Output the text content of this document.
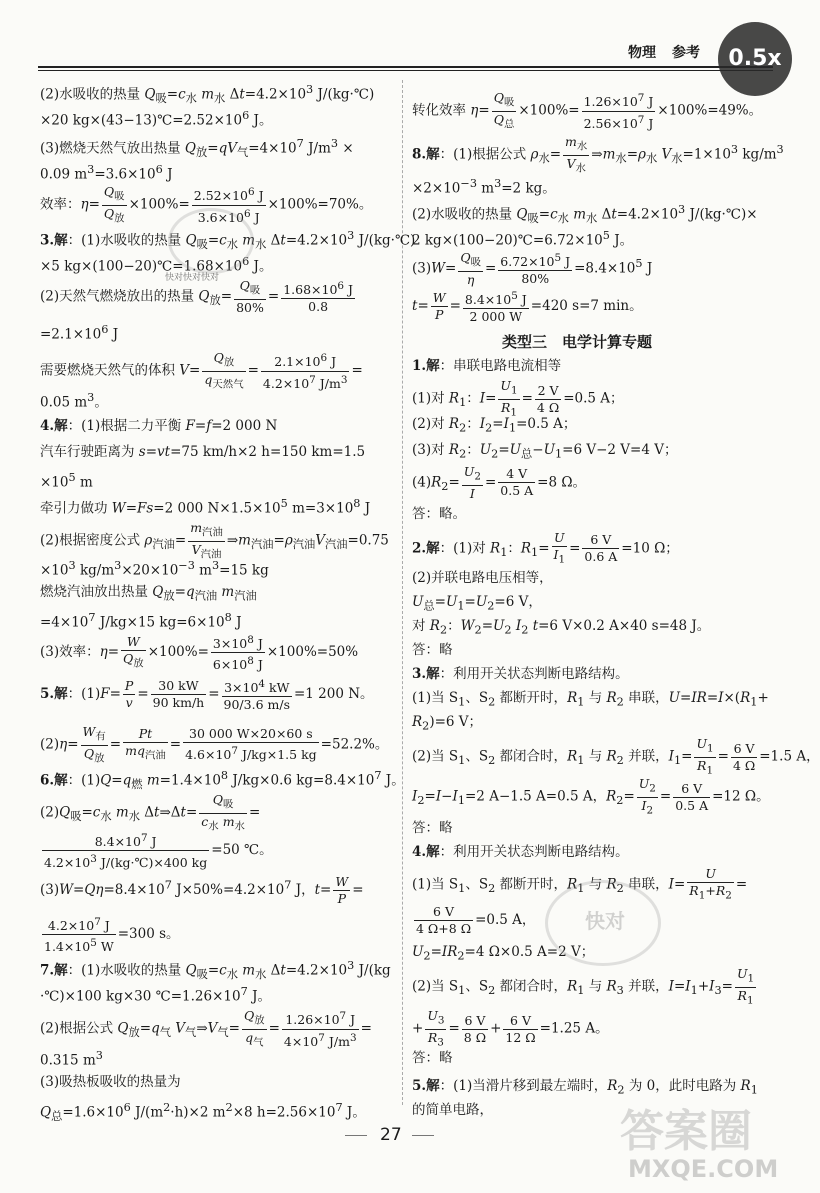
物理 参考	0.5x
(2)水吸收的热量 $Q_吸=c_水$ $m_水$ $\Delta t=4.2\times 10^3$ J/(kg·℃)
×20 $kg\times(43-13)℃=2.52\times 10^6$ J。
(3)燃烧天然气放出热量 $Q_放=qV_气=4\times 10^7$ $J/m^3$ ×
0.09 $m^3=3.6\times 10^6$ J
效率：$\eta= \frac{Q_吸}{Q_放} \times 100\%= \frac{2.52\times 10^6 J}{3.6\times 10^6 J} \times 100\%=70\%$。
3.解：(1)水吸收的热量 $Q_吸=c_水$ $m_水$ $\Delta t=4.2\times 10^3$ J/(kg·℃)
×5 $kg\times(100-20)℃=1.68\times 10^6$ J。
(2)天然气燃烧放出的热量 $Q_放= \frac{Q_吸}{80\%} = \frac{1.68\times 10^6 J}{0.8}$
$=2.1\times 10^6$ J
需要燃烧天然气的体积 $V= \frac{Q_放}{q_{天然气}} = \frac{2.1\times 10^6 J}{4.2\times 10^7 J/m^3}$ =
0.05 $m^3$。
4.解：(1)根据二力平衡 F=f=2 000 N
汽车行驶距离为 s=vt=75 km/h×2 h=150 km=1.5
$\times 10^5$ m
牵引力做功 W=Fs=2 000 $N\times 1.5\times 10^5$ $m=3\times 10^8$ J
(2)根据密度公式 $\rho_{汽油}= \frac{m_{汽油}}{V_{汽油}}$ $\Rightarrow m_{汽油}=\rho_{汽油}V_{汽油}=0.75$
$\times 10^3$ $kg/m^3\times 20\times 10^{-3}$ $m^3=15$ kg
燃烧汽油放出热量 $Q_放=q_{汽油}$ $m_{汽油}$
$=4\times 10^7$ J/kg×15 $kg=6\times 10^8$ J
(3)效率：$\eta= \frac{W}{Q_放} \times 100\%= \frac{3\times 10^8 J}{6\times 10^8 J} \times 100\%=50\%$
5.解：$(1)F= \frac{P}{v} = \frac{30 kW}{90 km/h} = \frac{3\times 10^4 kW}{90/3.6 m/s} =1$ 200 N。
$(2)\eta= \frac{W_有}{Q_放} = \frac{Pt}{mq_{汽油}} = \frac{30 000 W\times 20\times 60 s}{4.6\times 10^7 J/kg\times 1.5 kg} =52.2\%$。
6.解：$(1)Q=q_燃$ $m=1.4\times 10^8$ J/kg×0.6 $kg=8.4\times 10^7$ J。
$(2)Q_吸=c_水$ $m_水$ Δt⇒Δt= $\frac{Q_吸}{c_水 m_水}$ =
$\frac{8.4\times 10^7 J}{4.2\times 10^3 J/(kg\cdot℃)\times 400 kg} =50$ ℃。
$(3)W=Q\eta=8.4\times 10^7$ $J\times 50\%=4.2\times 10^7$ J，$t= \frac{W}{P}$ =
$\frac{4.2\times 10^7 J}{1.4\times 10^5 W} =300$ s。
7.解：(1)水吸收的热量 $Q_吸=c_水$ $m_水$ $\Delta t=4.2\times 10^3$ J/(kg
·℃)×100 kg×30 $℃=1.26\times 10^7$ J。
(2)根据公式 $Q_放=q_气$ $V_气\Rightarrow V_气= \frac{Q_放}{q_气} = \frac{1.26\times 10^7 J}{4\times 10^7 J/m^3}$ =
0.315 $m^3$
(3)吸热板吸收的热量为
$Q_总=1.6\times 10^6$ $J/(m^2\cdot h)\times 2$ $m^2\times 8$ $h=2.56\times 10^7$ J。
转化效率 $\eta= \frac{Q_吸}{Q_总} \times 100\%= \frac{1.26\times 10^7 J}{2.56\times 10^7 J} \times 100\%=49\%$。
8.解：(1)根据公式 $\rho_水= \frac{m_水}{V_水}$ $\Rightarrow m_水=\rho_水$ $V_水=1\times 10^3$ $kg/m^3$
$\times 2\times 10^{-3}$ $m^3=2$ kg。
(2)水吸收的热量 $Q_吸=c_水$ $m_水$ $\Delta t=4.2\times 10^3$ J/(kg·℃)×
2 $kg\times(100-20)℃=6.72\times 10^5$ J。
$(3)W= \frac{Q_吸}{\eta} = \frac{6.72\times 10^5 J}{80\%} =8.4\times 10^5$ J
$t= \frac{W}{P} = \frac{8.4\times 10^5 J}{2 000 W} =420$ s=7 min。
类型三　电学计算专题
1.解：串联电路电流相等
(1)对 $R_1$：$I= \frac{U_1}{R_1} = \frac{2 V}{4 \Omega} =0.5$ A；
(2)对 $R_2$：$I_2=I_1=0.5$ A；
(3)对 $R_2$：$U_2=U_总-U_1=6$ V−2 V=4 V；
$(4)R_2= \frac{U_2}{I} = \frac{4 V}{0.5 A} =8$ Ω。
答：略。
2.解：(1)对 $R_1$：$R_1= \frac{U}{I_1} = \frac{6 V}{0.6 A} =10$ Ω；
(2)并联电路电压相等，
$U_总=U_1=U_2=6$ V，
对 $R_2$：$W_2=U_2$ $I_2$ t=6 V×0.2 A×40 s=48 J。
答：略
3.解：利用开关状态判断电路结构。
(1)当 $S_1$、$S_2$ 都断开时，$R_1$ 与 $R_2$ 串联，$U=IR=I\times(R_1+$
$R_2)=6$ V；
(2)当 $S_1$、$S_2$ 都闭合时，$R_1$ 与 $R_2$ 并联，$I_1= \frac{U_1}{R_1} = \frac{6 V}{4 \Omega} =1.5$ A，
$I_2=I-I_1=2$ A−1.5 A=0.5 A，$R_2= \frac{U_2}{I_2} = \frac{6 V}{0.5 A} =12$ Ω。
答：略
4.解：利用开关状态判断电路结构。
(1)当 $S_1$、$S_2$ 都断开时，$R_1$ 与 $R_2$ 串联，$I= \frac{U}{R_1+R_2}$ =
$\frac{6 V}{4 \Omega+8 \Omega} =0.5$ A，
$U_2=IR_2=4$ Ω×0.5 A=2 V；
(2)当 $S_1$、$S_2$ 都闭合时，$R_1$ 与 $R_3$ 并联，$I=I_1+I_3= \frac{U_1}{R_1}$
+ $\frac{U_3}{R_3} = \frac{6 V}{8 \Omega} + \frac{6 V}{12 \Omega} =1.25$ A。
答：略
5.解：(1)当滑片移到最左端时，$R_2$ 为 0，此时电路为 $R_1$
的简单电路，
快对快对快对
快对
答案圈
MXQE.COM
27
